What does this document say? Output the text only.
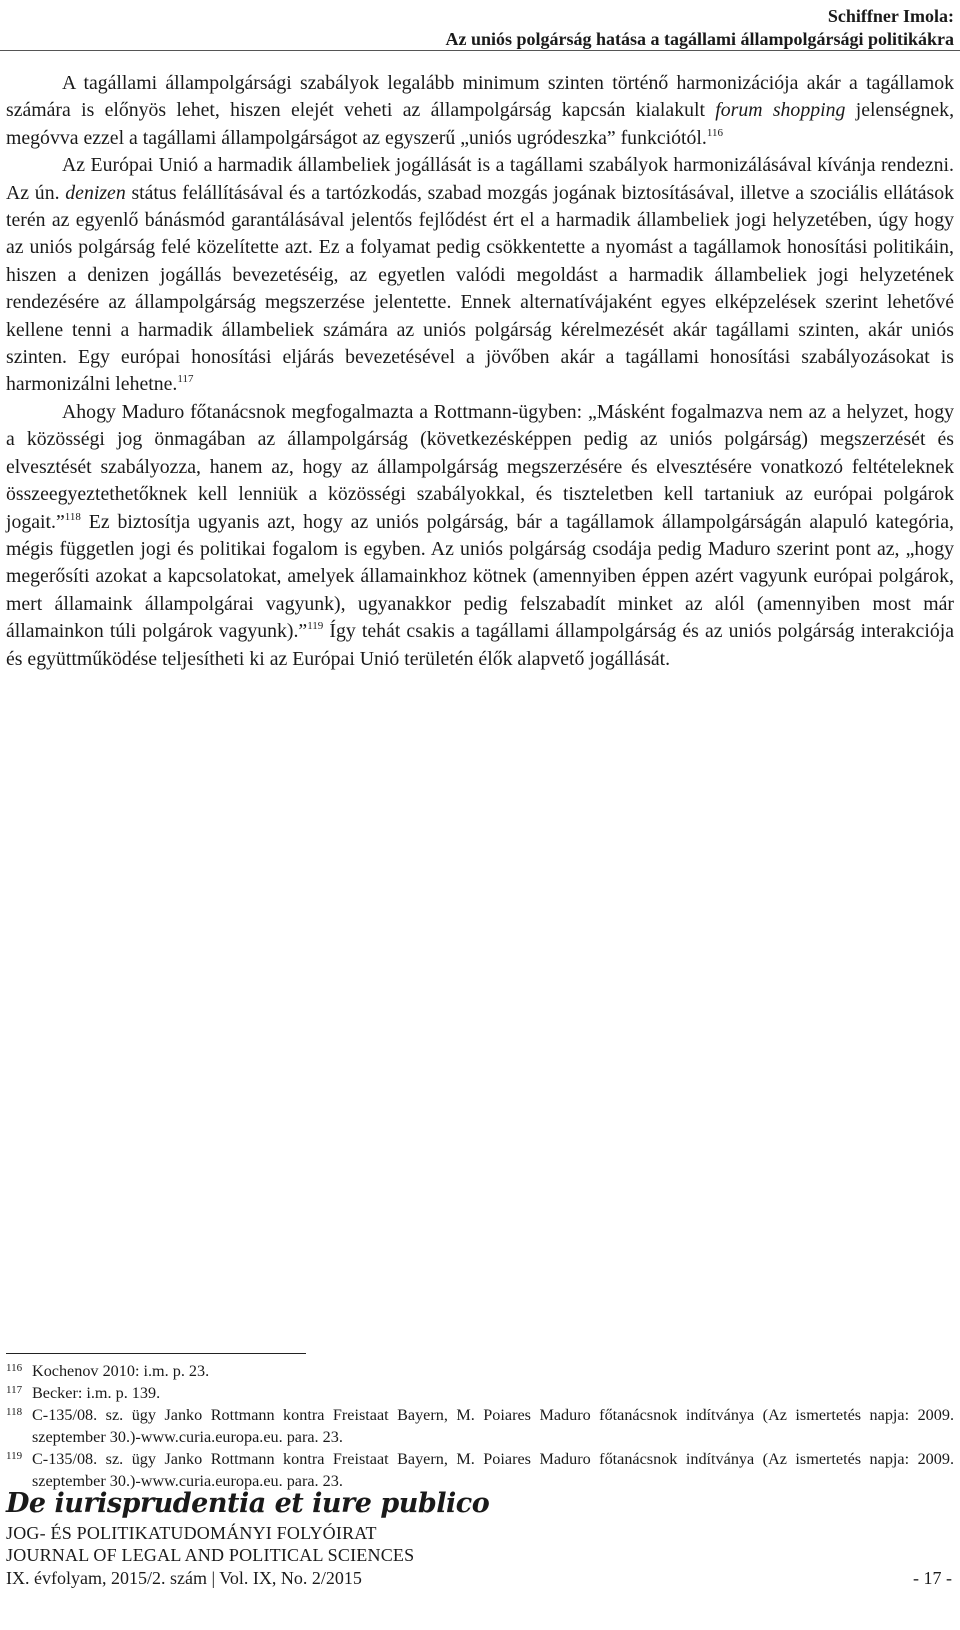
Schiffner Imola:
Az uniós polgárság hatása a tagállami állampolgársági politikákra

A tagállami állampolgársági szabályok legalább minimum szinten történő harmonizációja akár a tagállamok számára is előnyös lehet, hiszen elejét veheti az állampolgárság kapcsán kialakult forum shopping jelenségnek, megóvva ezzel a tagállami állampolgárságot az egyszerű „uniós ugródeszka” funkciótól.$^{116}$

Az Európai Unió a harmadik állambeliek jogállását is a tagállami szabályok harmonizálásával kívánja rendezni. Az ún. denizen státus felállításával és a tartózkodás, szabad mozgás jogának biztosításával, illetve a szociális ellátások terén az egyenlő bánásmód garantálásával jelentős fejlődést ért el a harmadik állambeliek jogi helyzetében, úgy hogy az uniós polgárság felé közelítette azt. Ez a folyamat pedig csökkentette a nyomást a tagállamok honosítási politikáin, hiszen a denizen jogállás bevezetéséig, az egyetlen valódi megoldást a harmadik állambeliek jogi helyzetének rendezésére az állampolgárság megszerzése jelentette. Ennek alternatívájaként egyes elképzelések szerint lehetővé kellene tenni a harmadik állambeliek számára az uniós polgárság kérelmezését akár tagállami szinten, akár uniós szinten. Egy európai honosítási eljárás bevezetésével a jövőben akár a tagállami honosítási szabályozásokat is harmonizálni lehetne.$^{117}$

Ahogy Maduro főtanácsnok megfogalmazta a Rottmann-ügyben: „Másként fogalmazva nem az a helyzet, hogy a közösségi jog önmagában az állampolgárság (következésképpen pedig az uniós polgárság) megszerzését és elvesztését szabályozza, hanem az, hogy az állampolgárság megszerzésére és elvesztésére vonatkozó feltételeknek összeegyeztethetőknek kell lenniük a közösségi szabályokkal, és tiszteletben kell tartaniuk az európai polgárok jogait.”$^{118}$ Ez biztosítja ugyanis azt, hogy az uniós polgárság, bár a tagállamok állampolgárságán alapuló kategória, mégis független jogi és politikai fogalom is egyben. Az uniós polgárság csodája pedig Maduro szerint pont az, „hogy megerősíti azokat a kapcsolatokat, amelyek államainkhoz kötnek (amennyiben éppen azért vagyunk európai polgárok, mert államaink állampolgárai vagyunk), ugyanakkor pedig felszabadít minket az alól (amennyiben most már államainkon túli polgárok vagyunk).”$^{119}$ Így tehát csakis a tagállami állampolgárság és az uniós polgárság interakciója és együttműködése teljesítheti ki az Európai Unió területén élők alapvető jogállását.

116 Kochenov 2010: i.m. p. 23.
117 Becker: i.m. p. 139.
118 C-135/08. sz. ügy Janko Rottmann kontra Freistaat Bayern, M. Poiares Maduro főtanácsnok indítványa (Az ismertetés napja: 2009. szeptember 30.)-www.curia.europa.eu. para. 23.
119 C-135/08. sz. ügy Janko Rottmann kontra Freistaat Bayern, M. Poiares Maduro főtanácsnok indítványa (Az ismertetés napja: 2009. szeptember 30.)-www.curia.europa.eu. para. 23.
De iurisprudentia et iure publico
JOG- ÉS POLITIKATUDOMÁNYI FOLYÓIRAT
JOURNAL OF LEGAL AND POLITICAL SCIENCES
IX. évfolyam, 2015/2. szám | Vol. IX, No. 2/2015	- 17 -
